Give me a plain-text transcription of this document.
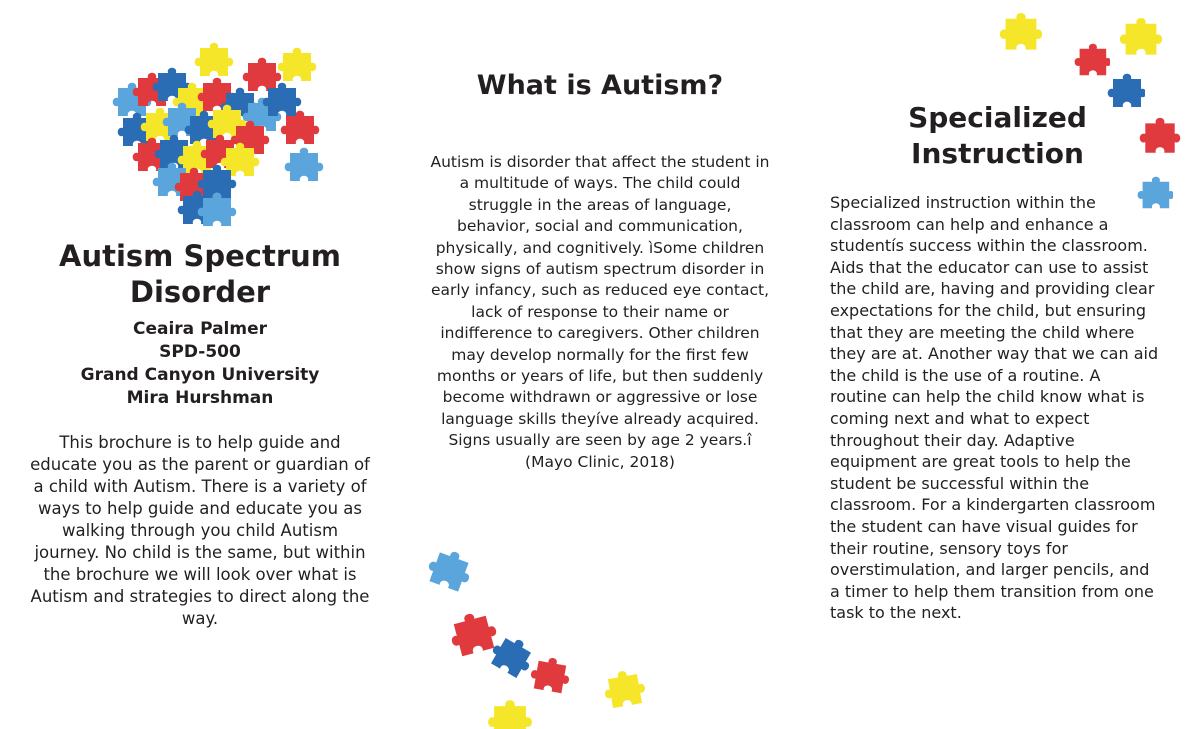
Autism Spectrum Disorder
Ceaira Palmer
SPD-500
Grand Canyon University
Mira Hurshman
This brochure is to help guide and educate you as the parent or guardian of a child with Autism. There is a variety of ways to help guide and educate you as walking through you child Autism journey. No child is the same, but within the brochure we will look over what is Autism and strategies to direct along the way.
What is Autism?
Autism is disorder that affect the student in a multitude of ways. The child could struggle in the areas of language, behavior, social and communication, physically, and cognitively. ìSome children show signs of autism spectrum disorder in early infancy, such as reduced eye contact, lack of response to their name or indifference to caregivers. Other children may develop normally for the first few months or years of life, but then suddenly become withdrawn or aggressive or lose language skills theyíve already acquired. Signs usually are seen by age 2 years.î (Mayo Clinic, 2018)
Specialized Instruction
Specialized instruction within the classroom can help and enhance a studentís success within the classroom. Aids that the educator can use to assist the child are, having and providing clear expectations for the child, but ensuring that they are meeting the child where they are at. Another way that we can aid the child is the use of a routine. A routine can help the child know what is coming next and what to expect throughout their day. Adaptive equipment are great tools to help the student be successful within the classroom. For a kindergarten classroom the student can have visual guides for their routine, sensory toys for overstimulation, and larger pencils, and a timer to help them transition from one task to the next.
